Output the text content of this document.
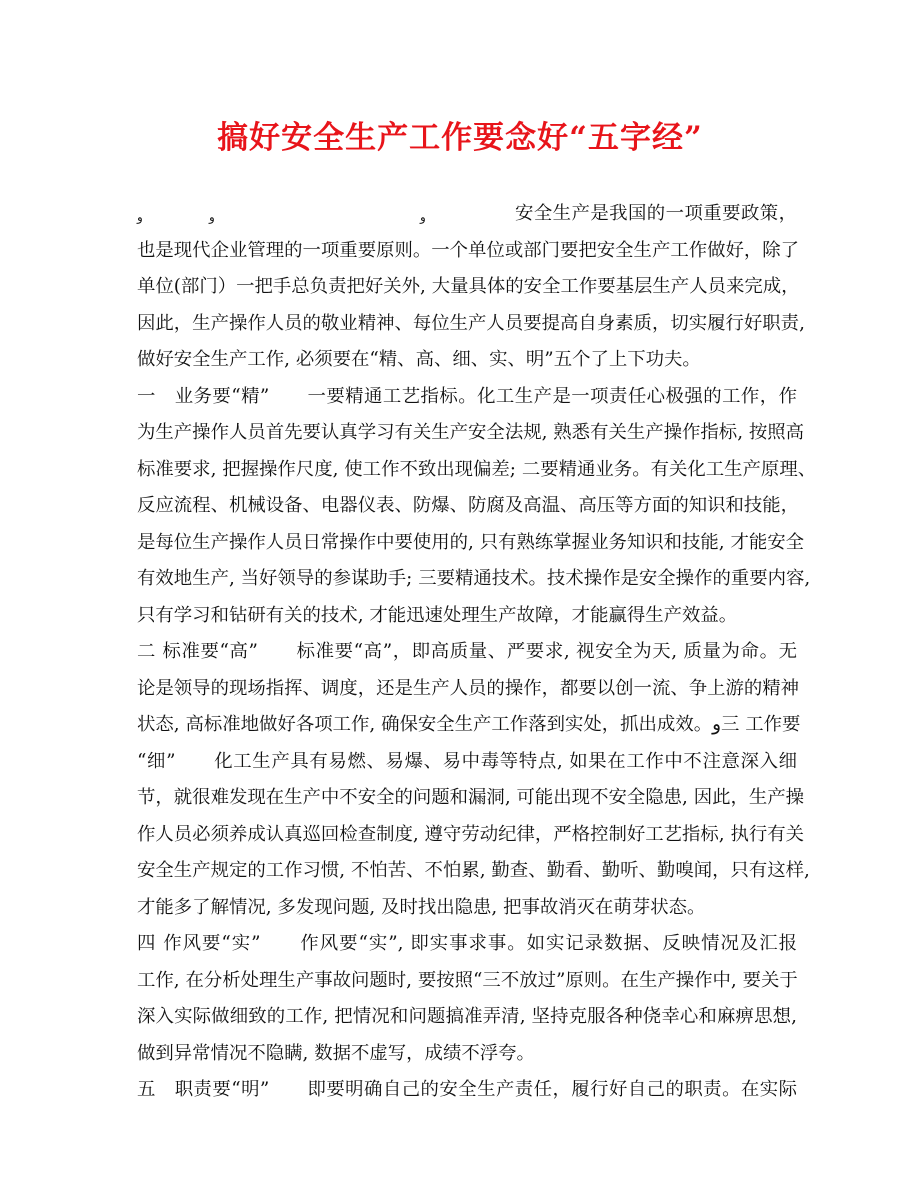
搞好安全生产工作要念好“五字经”
و	و	و	安全生产是我国的一项重要政策，
也是现代企业管理的一项重要原则。一个单位或部门要把安全生产工作做好，除了
单位(部门）一把手总负责把好关外, 大量具体的安全工作要基层生产人员来完成，
因此，生产操作人员的敬业精神、每位生产人员要提高自身素质，切实履行好职责,
做好安全生产工作, 必须要在“精、高、细、实、明”五个了上下功夫。
一　业务要“精”　　一要精通工艺指标。化工生产是一项责任心极强的工作，作
为生产操作人员首先要认真学习有关生产安全法规, 熟悉有关生产操作指标, 按照高
标准要求, 把握操作尺度, 使工作不致出现偏差; 二要精通业务。有关化工生产原理、
反应流程、机械设备、电器仪表、防爆、防腐及高温、高压等方面的知识和技能，
是每位生产操作人员日常操作中要使用的, 只有熟练掌握业务知识和技能, 才能安全
有效地生产, 当好领导的参谋助手; 三要精通技术。技术操作是安全操作的重要内容,
只有学习和钻研有关的技术, 才能迅速处理生产故障，才能赢得生产效益。
二 标准要“高”　　标准要“高”，即高质量、严要求, 视安全为天, 质量为命。无
论是领导的现场指挥、调度，还是生产人员的操作，都要以创一流、争上游的精神
状态, 高标准地做好各项工作, 确保安全生产工作落到实处，抓出成效。و三 工作要
“细”　　化工生产具有易燃、易爆、易中毒等特点, 如果在工作中不注意深入细
节，就很难发现在生产中不安全的问题和漏洞, 可能出现不安全隐患, 因此，生产操
作人员必须养成认真巡回检查制度, 遵守劳动纪律，严格控制好工艺指标, 执行有关
安全生产规定的工作习惯, 不怕苦、不怕累, 勤查、勤看、勤听、勤嗅闻，只有这样,
才能多了解情况, 多发现问题, 及时找出隐患, 把事故消灭在萌芽状态。
四 作风要“实”　　作风要“实”, 即实事求事。如实记录数据、反映情况及汇报
工作, 在分析处理生产事故问题时, 要按照“三不放过”原则。在生产操作中, 要关于
深入实际做细致的工作, 把情况和问题搞准弄清, 坚持克服各种侥幸心和麻痹思想,
做到异常情况不隐瞒, 数据不虚写，成绩不浮夸。
五　职责要“明”　　即要明确自己的安全生产责任，履行好自己的职责。在实际
